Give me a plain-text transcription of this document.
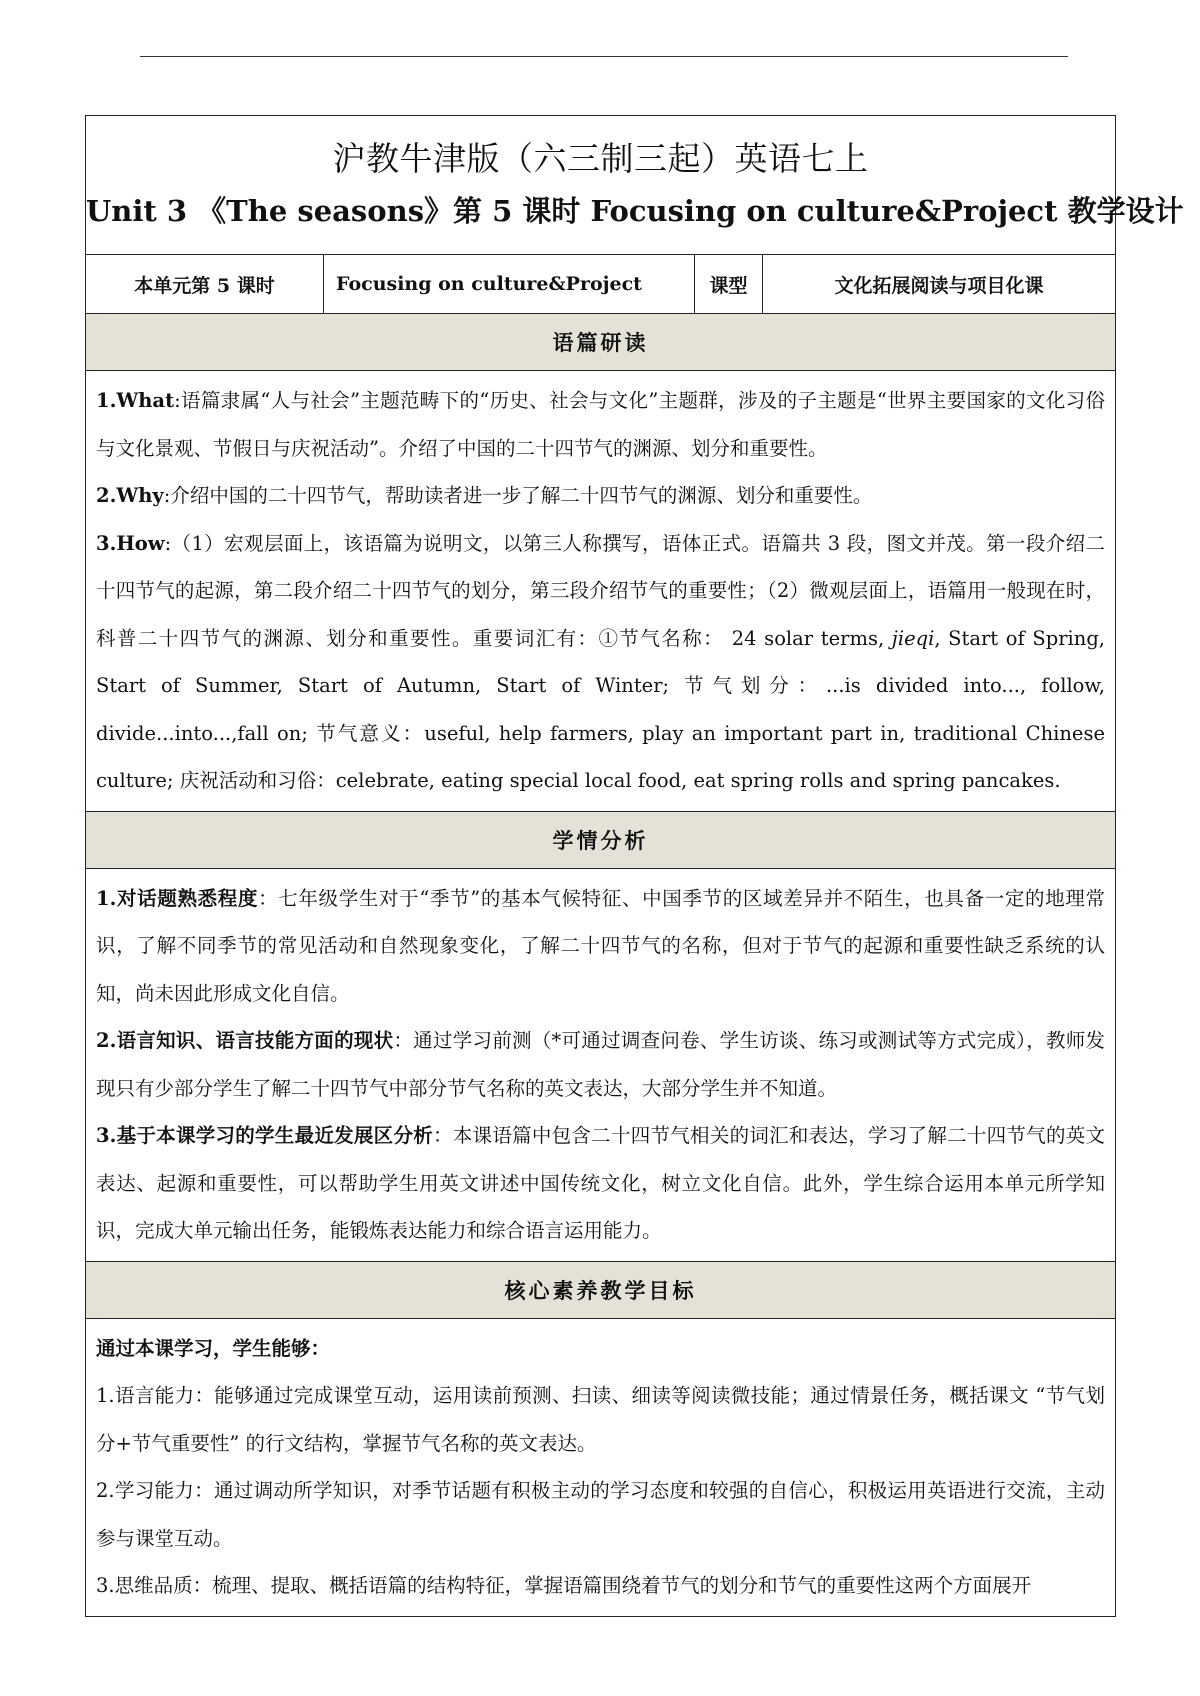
沪教牛津版（六三制三起）英语七上
Unit 3 《The seasons》第 5 课时 Focusing on culture&Project 教学设计

本单元第 5 课时	Focusing on culture&Project	课型	文化拓展阅读与项目化课
语篇研读

1.What:语篇隶属“人与社会”主题范畴下的“历史、社会与文化”主题群，涉及的子主题是“世界主要国家的文化习俗与文化景观、节假日与庆祝活动”。介绍了中国的二十四节气的渊源、划分和重要性。

2.Why:介绍中国的二十四节气，帮助读者进一步了解二十四节气的渊源、划分和重要性。

3.How:（1）宏观层面上，该语篇为说明文，以第三人称撰写，语体正式。语篇共 3 段，图文并茂。第一段介绍二十四节气的起源，第二段介绍二十四节气的划分，第三段介绍节气的重要性；（2）微观层面上，语篇用一般现在时，科普二十四节气的渊源、划分和重要性。重要词汇有：①节气名称： 24 solar terms, jieqi, Start of Spring, Start of Summer, Start of Autumn, Start of Winter; 节气划分：...is divided into..., follow, divide...into...,fall on; 节气意义：useful, help farmers, play an important part in, traditional Chinese culture; 庆祝活动和习俗：celebrate, eating special local food, eat spring rolls and spring pancakes.

学情分析

1.对话题熟悉程度：七年级学生对于“季节”的基本气候特征、中国季节的区域差异并不陌生，也具备一定的地理常识，了解不同季节的常见活动和自然现象变化，了解二十四节气的名称，但对于节气的起源和重要性缺乏系统的认知，尚未因此形成文化自信。

2.语言知识、语言技能方面的现状：通过学习前测（*可通过调查问卷、学生访谈、练习或测试等方式完成），教师发现只有少部分学生了解二十四节气中部分节气名称的英文表达，大部分学生并不知道。

3.基于本课学习的学生最近发展区分析：本课语篇中包含二十四节气相关的词汇和表达，学习了解二十四节气的英文表达、起源和重要性，可以帮助学生用英文讲述中国传统文化，树立文化自信。此外，学生综合运用本单元所学知识，完成大单元输出任务，能锻炼表达能力和综合语言运用能力。

核心素养教学目标

通过本课学习，学生能够：

1.语言能力：能够通过完成课堂互动，运用读前预测、扫读、细读等阅读微技能；通过情景任务，概括课文 “节气划分+节气重要性” 的行文结构，掌握节气名称的英文表达。

2.学习能力：通过调动所学知识，对季节话题有积极主动的学习态度和较强的自信心，积极运用英语进行交流，主动参与课堂互动。

3.思维品质：梳理、提取、概括语篇的结构特征，掌握语篇围绕着节气的划分和节气的重要性这两个方面展开
